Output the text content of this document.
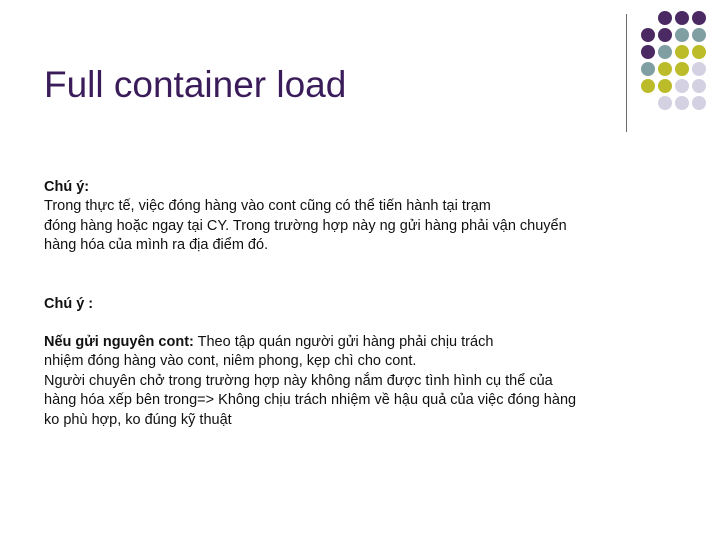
Full container load

Chú ý:

Trong thực tế, việc đóng hàng vào cont cũng có thể tiến hành tại trạm

đóng hàng hoặc ngay tại CY. Trong trường hợp này ng gửi hàng phải vận chuyển

hàng hóa của mình ra địa điểm đó.

Chú ý :

Nếu gửi nguyên cont: Theo tập quán người gửi hàng phải chịu trách

nhiệm đóng hàng vào cont, niêm phong, kẹp chì cho cont.

Người chuyên chở trong trường hợp này không nắm được tình hình cụ thể của

hàng hóa xếp bên trong=> Không chịu trách nhiệm về hậu quả của việc đóng hàng

ko phù hợp, ko đúng kỹ thuật
